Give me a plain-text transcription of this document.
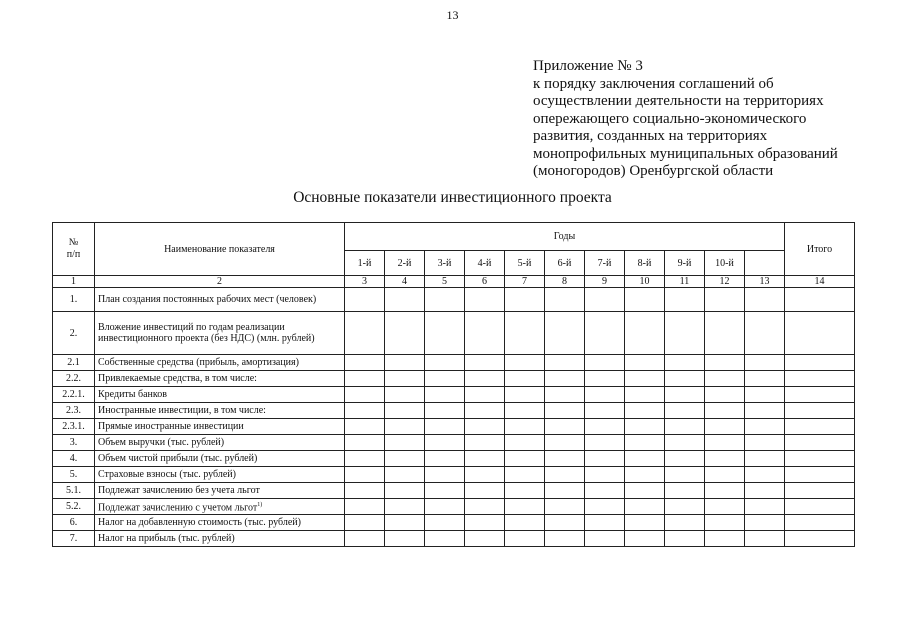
13
Приложение № 3
к порядку заключения соглашений об
осуществлении деятельности на территориях
опережающего социально-экономического
развития, созданных на территориях
монопрофильных муниципальных образований
(моногородов) Оренбургской области
Основные показатели инвестиционного проекта
№
п/п	Наименование показателя	Годы											Итого
		1-й	2-й	3-й	4-й	5-й	6-й	7-й	8-й	9-й	10-й		
1	2	3	4	5	6	7	8	9	10	11	12	13	14
1.	План создания постоянных рабочих мест (человек)												
2.	Вложение инвестиций по годам реализации инвестиционного проекта (без НДС) (млн. рублей)												
2.1	Собственные средства (прибыль, амортизация)												
2.2.	Привлекаемые средства, в том числе:												
2.2.1.	Кредиты банков												
2.3.	Иностранные инвестиции, в том числе:												
2.3.1.	Прямые иностранные инвестиции												
3.	Объем выручки (тыс. рублей)												
4.	Объем чистой прибыли (тыс. рублей)												
5.	Страховые взносы (тыс. рублей)												
5.1.	Подлежат зачислению без учета льгот												
5.2.	Подлежат зачислению с учетом льгот$^{1)}$												
6.	Налог на добавленную стоимость (тыс. рублей)												
7.	Налог на прибыль (тыс. рублей)												
